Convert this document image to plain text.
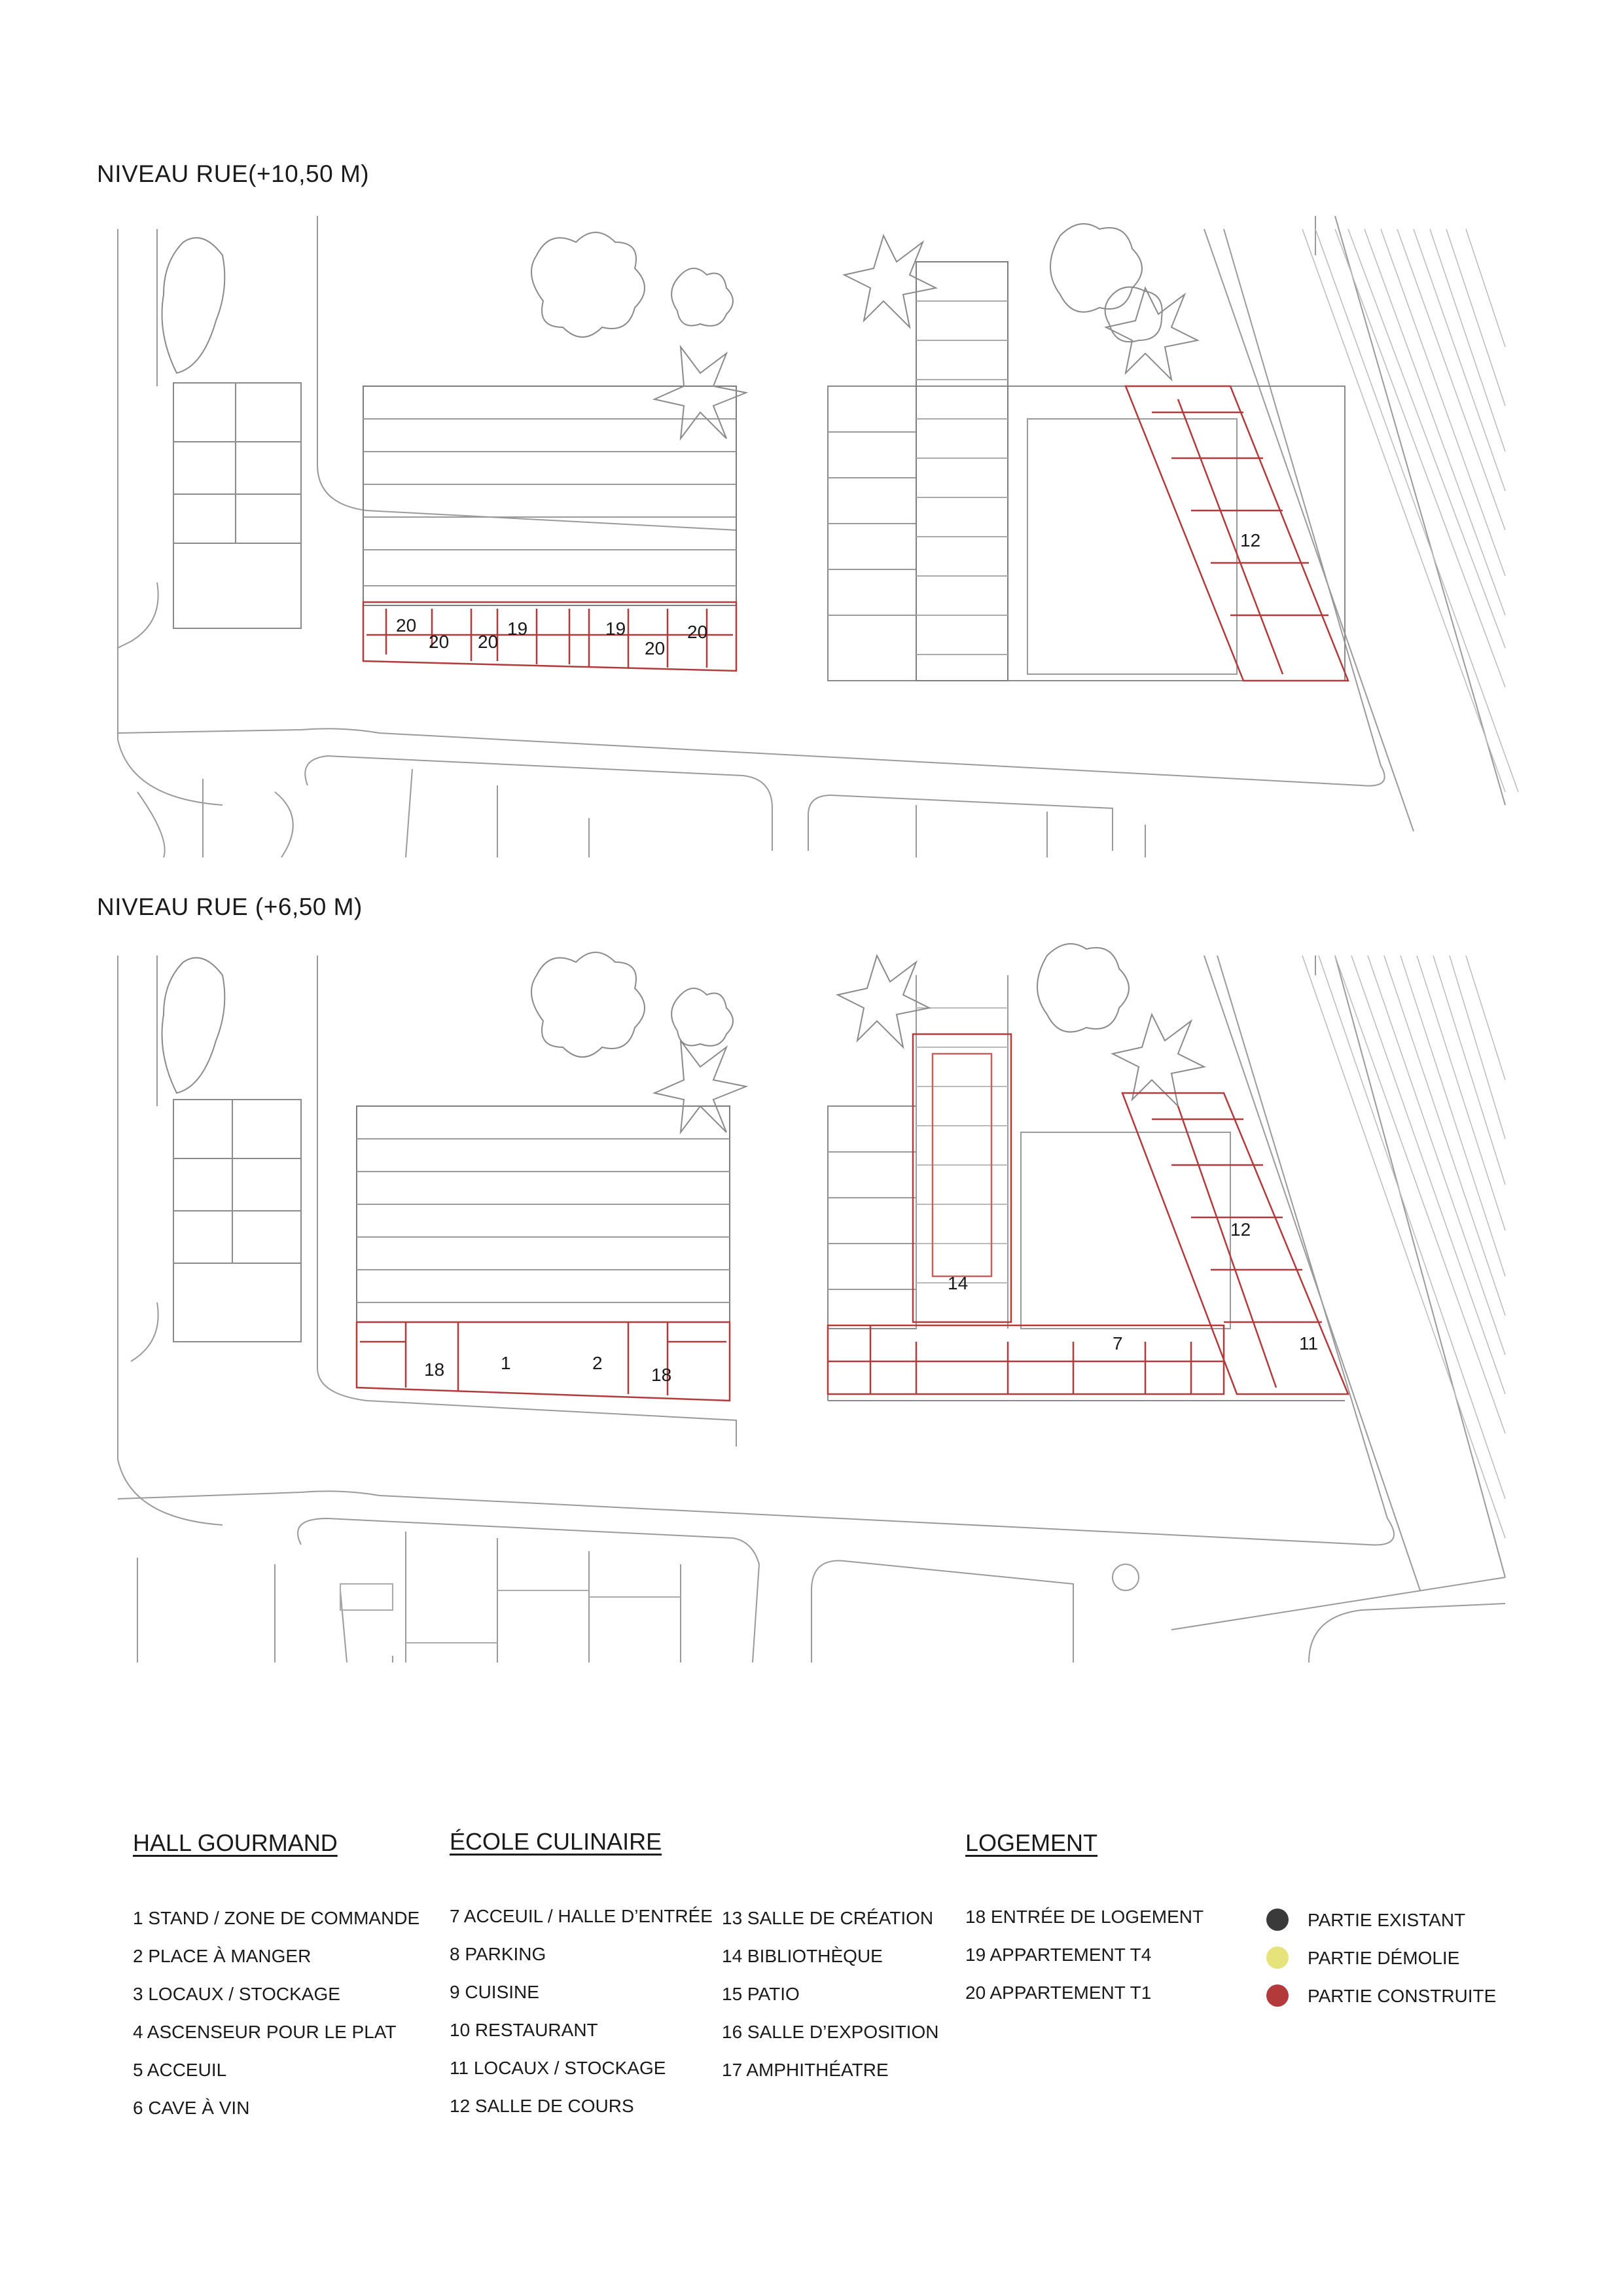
NIVEAU RUE(+10,50 M)
20
20 20
19	19
20
20
12
NIVEAU RUE (+6,50 M)
18	1	2
18
14
7	11
12
HALL GOURMAND	ÉCOLE CULINAIRE	LOGEMENT
1 STAND / ZONE DE COMMANDE
2 PLACE À MANGER
3 LOCAUX / STOCKAGE
4 ASCENSEUR POUR LE PLAT
5 ACCEUIL
6 CAVE À VIN
7 ACCEUIL / HALLE D’ENTRÉE
8 PARKING
9 CUISINE
10 RESTAURANT
11 LOCAUX / STOCKAGE
12 SALLE DE COURS
13 SALLE DE CRÉATION
14 BIBLIOTHÈQUE
15 PATIO
16 SALLE D’EXPOSITION
17 AMPHITHÉATRE
18 ENTRÉE DE LOGEMENT
19 APPARTEMENT T4
20 APPARTEMENT T1
PARTIE EXISTANT
PARTIE DÉMOLIE
PARTIE CONSTRUITE
